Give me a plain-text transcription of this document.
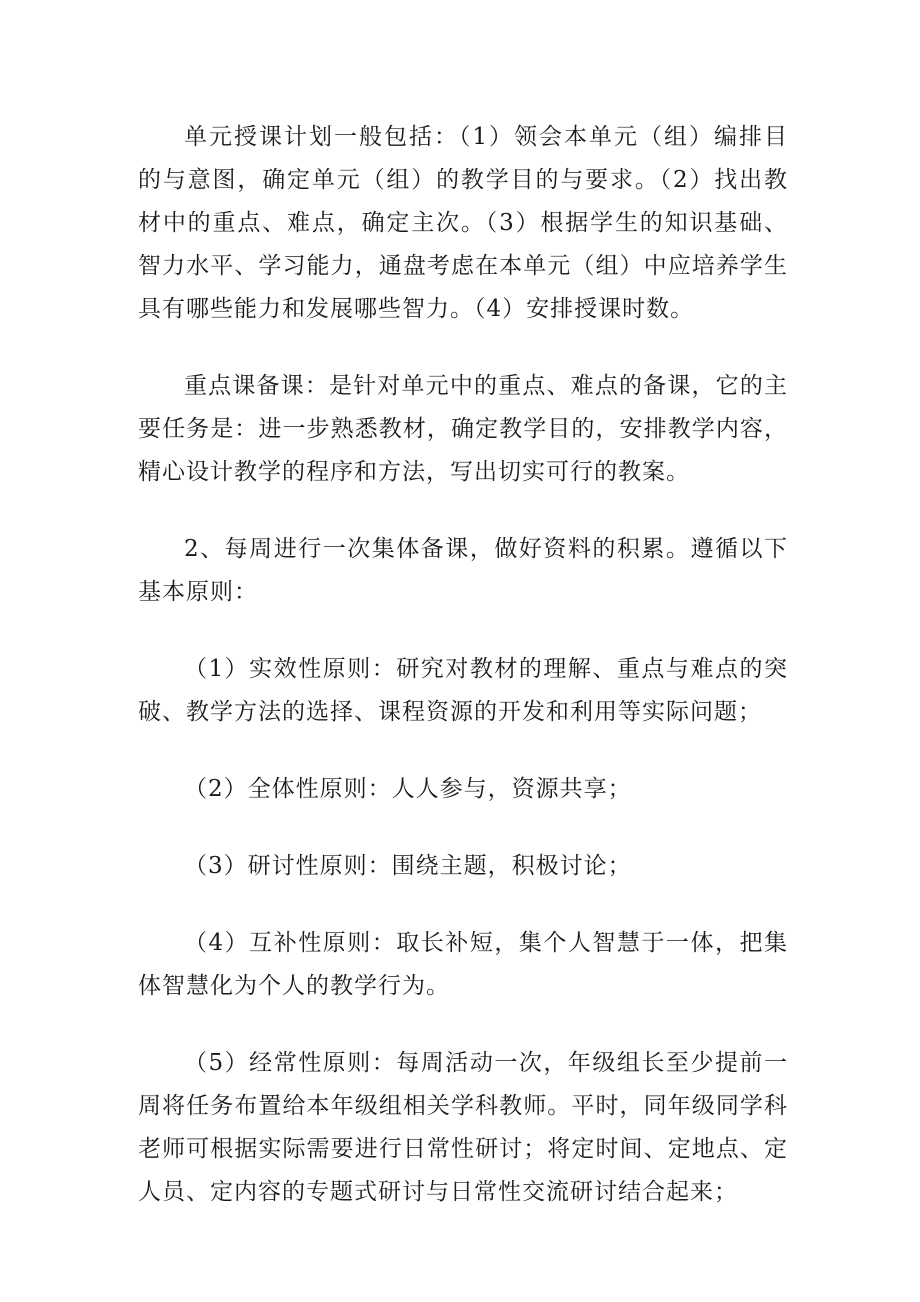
单元授课计划一般包括：（1）领会本单元（组）编排目的与意图，确定单元（组）的教学目的与要求。（2）找出教材中的重点、难点，确定主次。（3）根据学生的知识基础、智力水平、学习能力，通盘考虑在本单元（组）中应培养学生具有哪些能力和发展哪些智力。（4）安排授课时数。

重点课备课：是针对单元中的重点、难点的备课，它的主要任务是：进一步熟悉教材，确定教学目的，安排教学内容，精心设计教学的程序和方法，写出切实可行的教案。

2、每周进行一次集体备课，做好资料的积累。遵循以下基本原则：

（1）实效性原则：研究对教材的理解、重点与难点的突破、教学方法的选择、课程资源的开发和利用等实际问题；

（2）全体性原则：人人参与，资源共享；

（3）研讨性原则：围绕主题，积极讨论；

（4）互补性原则：取长补短，集个人智慧于一体，把集体智慧化为个人的教学行为。

（5）经常性原则：每周活动一次，年级组长至少提前一周将任务布置给本年级组相关学科教师。平时，同年级同学科老师可根据实际需要进行日常性研讨；将定时间、定地点、定人员、定内容的专题式研讨与日常性交流研讨结合起来；
